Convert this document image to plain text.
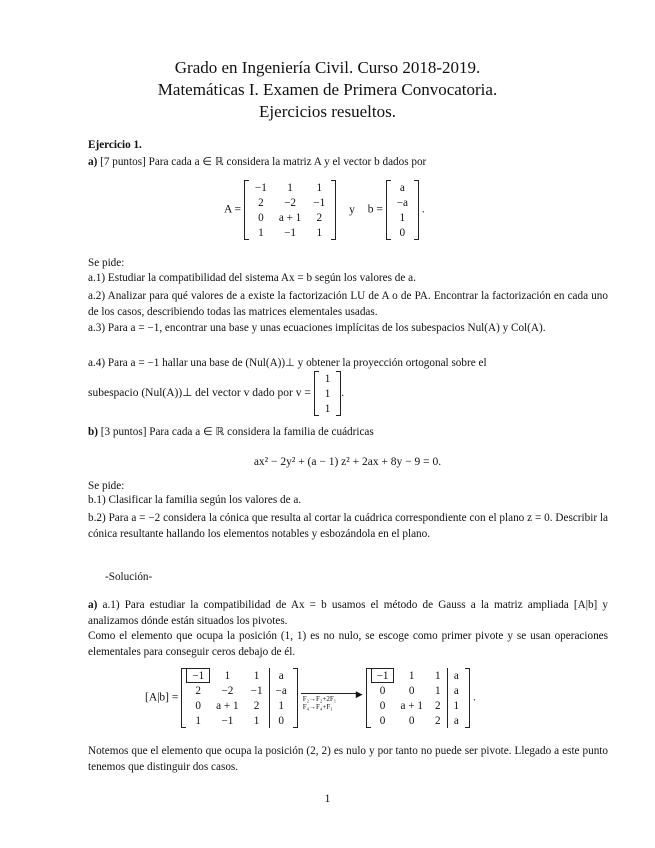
Grado en Ingeniería Civil. Curso 2018-2019.
Matemáticas I. Examen de Primera Convocatoria.
Ejercicios resueltos.
Ejercicio 1.
a) [7 puntos] Para cada a ∈ ℝ considera la matriz A y el vector b dados por
A =
−1	1	1
2	−2	−1
0	a + 1	2
1	−1	1
y b =
a
−a
1
0
.
Se pide:
a.1) Estudiar la compatibilidad del sistema Ax = b según los valores de a.
a.2) Analizar para qué valores de a existe la factorización LU de A o de PA. Encontrar la factorización en cada uno de los casos, describiendo todas las matrices elementales usadas.
a.3) Para a = −1, encontrar una base y unas ecuaciones implícitas de los subespacios Nul(A) y Col(A).
a.4) Para a = −1 hallar una base de (Nul(A))⊥ y obtener la proyección ortogonal sobre el
subespacio (Nul(A))⊥ del vector v dado por v =
1
1
1
.
b) [3 puntos] Para cada a ∈ ℝ considera la familia de cuádricas
ax² − 2y² + (a − 1) z² + 2ax + 8y − 9 = 0.
Se pide:
b.1) Clasificar la familia según los valores de a.
b.2) Para a = −2 considera la cónica que resulta al cortar la cuádrica correspondiente con el plano z = 0. Describir la cónica resultante hallando los elementos notables y esbozándola en el plano.
-Solución-
a) a.1) Para estudiar la compatibilidad de Ax = b usamos el método de Gauss a la matriz ampliada [A|b] y analizamos dónde están situados los pivotes.
Como el elemento que ocupa la posición (1, 1) es no nulo, se escoge como primer pivote y se usan operaciones elementales para conseguir ceros debajo de él.
[A|b] =
−1	1	1	a
2	−2	−1	−a
0	a + 1	2	1
1	−1	1	0

▶
F₂→F₂+2F₁
F₄→F₄+F₁

−1	1	1	a
0	0	1	a
0	a + 1	2	1
0	0	2	a
.
Notemos que el elemento que ocupa la posición (2, 2) es nulo y por tanto no puede ser pivote. Llegado a este punto tenemos que distinguir dos casos.
1
